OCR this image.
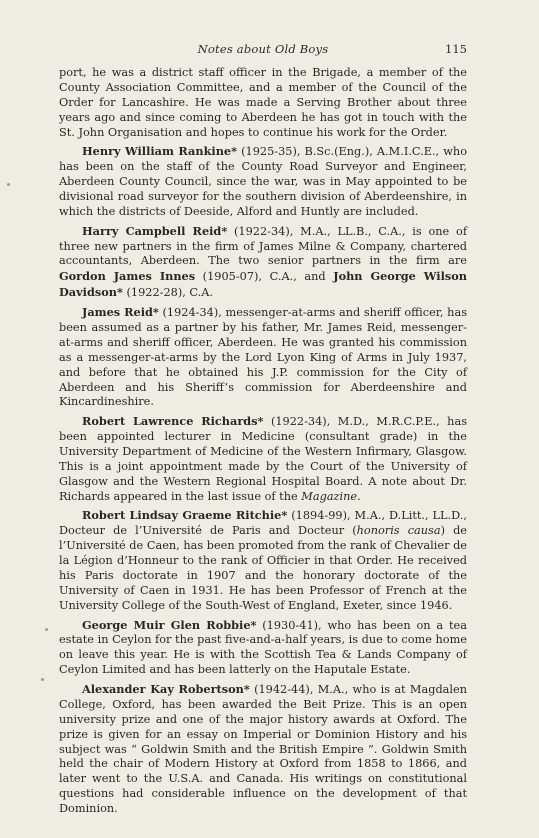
Notes about Old Boys	115

port, he was a district staff officer in the Brigade, a member of the County Association Committee, and a member of the Council of the Order for Lancashire. He was made a Serving Brother about three years ago and since coming to Aberdeen he has got in touch with the St. John Organisation and hopes to continue his work for the Order.

Henry William Rankine* (1925-35), B.Sc.(Eng.), A.M.I.C.E., who has been on the staff of the County Road Surveyor and Engineer, Aberdeen County Council, since the war, was in May appointed to be divisional road surveyor for the southern division of Aberdeenshire, in which the districts of Deeside, Alford and Huntly are included.

Harry Campbell Reid* (1922-34), M.A., LL.B., C.A., is one of three new partners in the firm of James Milne & Company, chartered accountants, Aberdeen. The two senior partners in the firm are Gordon James Innes (1905-07), C.A., and John George Wilson Davidson* (1922-28), C.A.

James Reid* (1924-34), messenger-at-arms and sheriff officer, has been assumed as a partner by his father, Mr. James Reid, messenger-at-arms and sheriff officer, Aberdeen. He was granted his commission as a messenger-at-arms by the Lord Lyon King of Arms in July 1937, and before that he obtained his J.P. commission for the City of Aberdeen and his Sheriff’s commission for Aberdeenshire and Kincardineshire.

Robert Lawrence Richards* (1922-34), M.D., M.R.C.P.E., has been appointed lecturer in Medicine (consultant grade) in the University Department of Medicine of the Western Infirmary, Glasgow. This is a joint appointment made by the Court of the University of Glasgow and the Western Regional Hospital Board. A note about Dr. Richards appeared in the last issue of the Magazine.

Robert Lindsay Graeme Ritchie* (1894-99), M.A., D.Litt., LL.D., Docteur de l’Université de Paris and Docteur (honoris causa) de l’Université de Caen, has been promoted from the rank of Chevalier de la Légion d’Honneur to the rank of Officier in that Order. He received his Paris doctorate in 1907 and the honorary doctorate of the University of Caen in 1931. He has been Professor of French at the University College of the South-West of England, Exeter, since 1946.

George Muir Glen Robbie* (1930-41), who has been on a tea estate in Ceylon for the past five-and-a-half years, is due to come home on leave this year. He is with the Scottish Tea & Lands Company of Ceylon Limited and has been latterly on the Haputale Estate.

Alexander Kay Robertson* (1942-44), M.A., who is at Magdalen College, Oxford, has been awarded the Beit Prize. This is an open university prize and one of the major history awards at Oxford. The prize is given for an essay on Imperial or Dominion History and his subject was “ Goldwin Smith and the British Empire ”. Goldwin Smith held the chair of Modern History at Oxford from 1858 to 1866, and later went to the U.S.A. and Canada. His writings on constitutional questions had considerable influence on the development of that Dominion.
